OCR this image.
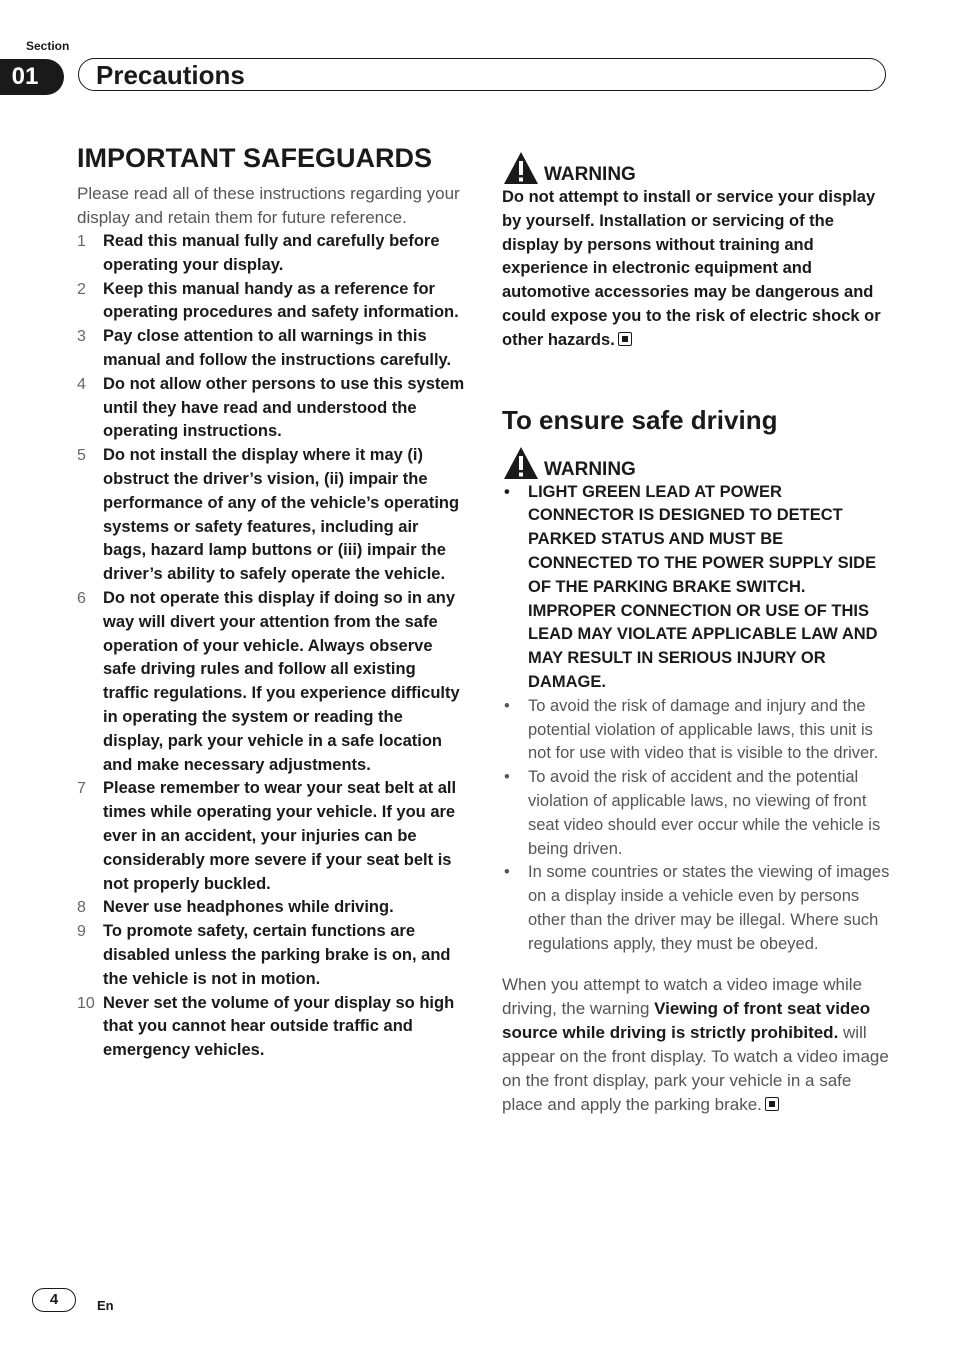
Section
01	Precautions
IMPORTANT SAFEGUARDS
Please read all of these instructions regarding your display and retain them for future reference.
1 Read this manual fully and carefully before operating your display.
2 Keep this manual handy as a reference for operating procedures and safety information.
3 Pay close attention to all warnings in this manual and follow the instructions carefully.
4 Do not allow other persons to use this system until they have read and understood the operating instructions.
5 Do not install the display where it may (i) obstruct the driver’s vision, (ii) impair the performance of any of the vehicle’s operating systems or safety features, including air bags, hazard lamp buttons or (iii) impair the driver’s ability to safely operate the vehicle.
6 Do not operate this display if doing so in any way will divert your attention from the safe operation of your vehicle. Always observe safe driving rules and follow all existing traffic regulations. If you experience difficulty in operating the system or reading the display, park your vehicle in a safe location and make necessary adjustments.
7 Please remember to wear your seat belt at all times while operating your vehicle. If you are ever in an accident, your injuries can be considerably more severe if your seat belt is not properly buckled.
8 Never use headphones while driving.
9 To promote safety, certain functions are disabled unless the parking brake is on, and the vehicle is not in motion.
10 Never set the volume of your display so high that you cannot hear outside traffic and emergency vehicles.
WARNING
Do not attempt to install or service your display by yourself. Installation or servicing of the display by persons without training and experience in electronic equipment and automotive accessories may be dangerous and could expose you to the risk of electric shock or other hazards.
To ensure safe driving
WARNING
• LIGHT GREEN LEAD AT POWER CONNECTOR IS DESIGNED TO DETECT PARKED STATUS AND MUST BE CONNECTED TO THE POWER SUPPLY SIDE OF THE PARKING BRAKE SWITCH. IMPROPER CONNECTION OR USE OF THIS LEAD MAY VIOLATE APPLICABLE LAW AND MAY RESULT IN SERIOUS INJURY OR DAMAGE.
• To avoid the risk of damage and injury and the potential violation of applicable laws, this unit is not for use with video that is visible to the driver.
• To avoid the risk of accident and the potential violation of applicable laws, no viewing of front seat video should ever occur while the vehicle is being driven.
• In some countries or states the viewing of images on a display inside a vehicle even by persons other than the driver may be illegal. Where such regulations apply, they must be obeyed.
When you attempt to watch a video image while driving, the warning Viewing of front seat video source while driving is strictly prohibited. will appear on the front display. To watch a video image on the front display, park your vehicle in a safe place and apply the parking brake.
4	En
